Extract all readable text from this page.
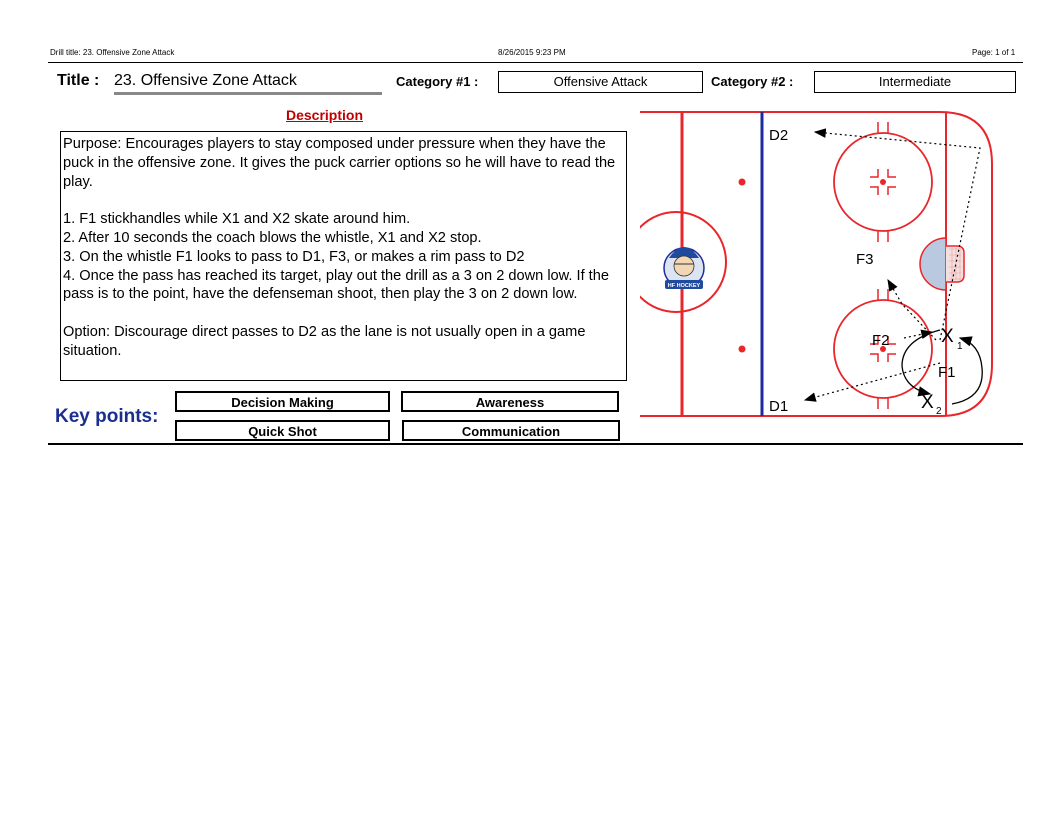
Drill title: 23. Offensive Zone Attack	8/26/2015 9:23 PM	Page: 1 of 1
Title : 23. Offensive Zone Attack	Category #1 :	Offensive Attack	Category #2 :	Intermediate
Description
Purpose: Encourages players to stay composed under pressure when they have the puck in the offensive zone. It gives the puck carrier options so he will have to read the play.

1. F1 stickhandles while X1 and X2 skate around him.
2. After 10 seconds the coach blows the whistle, X1 and X2 stop.
3. On the whistle F1 looks to pass to D1, F3, or makes a rim pass to D2
4. Once the pass has reached its target, play out the drill as a 3 on 2 down low. If the pass is to the point, have the defenseman shoot, then play the 3 on 2 down low.

Option: Discourage direct passes to D2 as the lane is not usually open in a game situation.
Key points:
Decision Making	Awareness
Quick Shot	Communication
HF HOCKEY
D2
D1
F3
F2
F1
X 1
X 2
